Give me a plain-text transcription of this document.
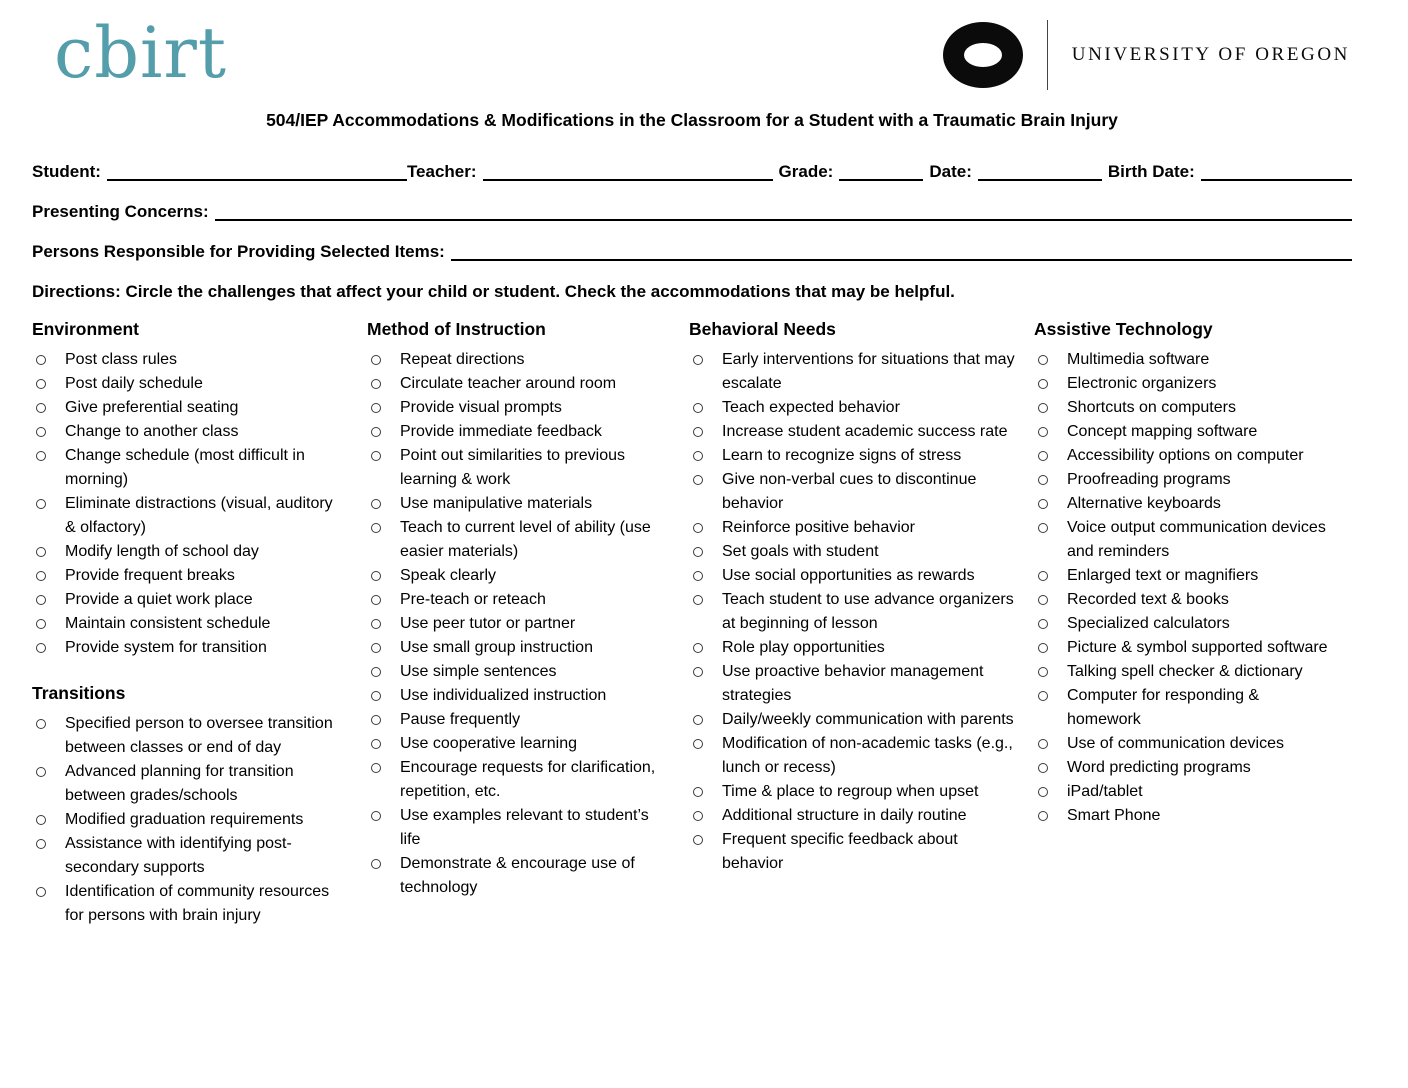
cbirt	UNIVERSITY OF OREGON
504/IEP Accommodations & Modifications in the Classroom for a Student with a Traumatic Brain Injury
Student:	Teacher:	Grade:	Date:	Birth Date:
Presenting Concerns:
Persons Responsible for Providing Selected Items:
Directions: Circle the challenges that affect your child or student. Check the accommodations that may be helpful.
Environment
Post class rules
Post daily schedule
Give preferential seating
Change to another class
Change schedule (most difficult in morning)
Eliminate distractions (visual, auditory & olfactory)
Modify length of school day
Provide frequent breaks
Provide a quiet work place
Maintain consistent schedule
Provide system for transition
Transitions
Specified person to oversee transition between classes or end of day
Advanced planning for transition between grades/schools
Modified graduation requirements
Assistance with identifying post-secondary supports
Identification of community resources for persons with brain injury
Method of Instruction
Repeat directions
Circulate teacher around room
Provide visual prompts
Provide immediate feedback
Point out similarities to previous learning & work
Use manipulative materials
Teach to current level of ability (use easier materials)
Speak clearly
Pre-teach or reteach
Use peer tutor or partner
Use small group instruction
Use simple sentences
Use individualized instruction
Pause frequently
Use cooperative learning
Encourage requests for clarification, repetition, etc.
Use examples relevant to student’s life
Demonstrate & encourage use of technology
Behavioral Needs
Early interventions for situations that may escalate
Teach expected behavior
Increase student academic success rate
Learn to recognize signs of stress
Give non-verbal cues to discontinue behavior
Reinforce positive behavior
Set goals with student
Use social opportunities as rewards
Teach student to use advance organizers at beginning of lesson
Role play opportunities
Use proactive behavior management strategies
Daily/weekly communication with parents
Modification of non-academic tasks (e.g., lunch or recess)
Time & place to regroup when upset
Additional structure in daily routine
Frequent specific feedback about behavior
Assistive Technology
Multimedia software
Electronic organizers
Shortcuts on computers
Concept mapping software
Accessibility options on computer
Proofreading programs
Alternative keyboards
Voice output communication devices and reminders
Enlarged text or magnifiers
Recorded text & books
Specialized calculators
Picture & symbol supported software
Talking spell checker & dictionary
Computer for responding & homework
Use of communication devices
Word predicting programs
iPad/tablet
Smart Phone
